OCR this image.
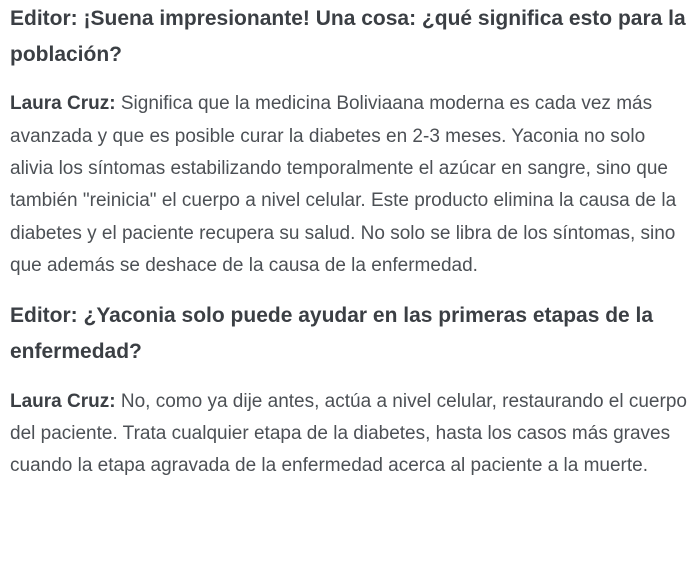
Editor: ¡Suena impresionante! Una cosa: ¿qué significa esto para la población?

Laura Cruz: Significa que la medicina Boliviaana moderna es cada vez más avanzada y que es posible curar la diabetes en 2-3 meses. Yaconia no solo alivia los síntomas estabilizando temporalmente el azúcar en sangre, sino que también "reinicia" el cuerpo a nivel celular. Este producto elimina la causa de la diabetes y el paciente recupera su salud. No solo se libra de los síntomas, sino que además se deshace de la causa de la enfermedad.

Editor: ¿Yaconia solo puede ayudar en las primeras etapas de la enfermedad?

Laura Cruz: No, como ya dije antes, actúa a nivel celular, restaurando el cuerpo del paciente. Trata cualquier etapa de la diabetes, hasta los casos más graves cuando la etapa agravada de la enfermedad acerca al paciente a la muerte.
